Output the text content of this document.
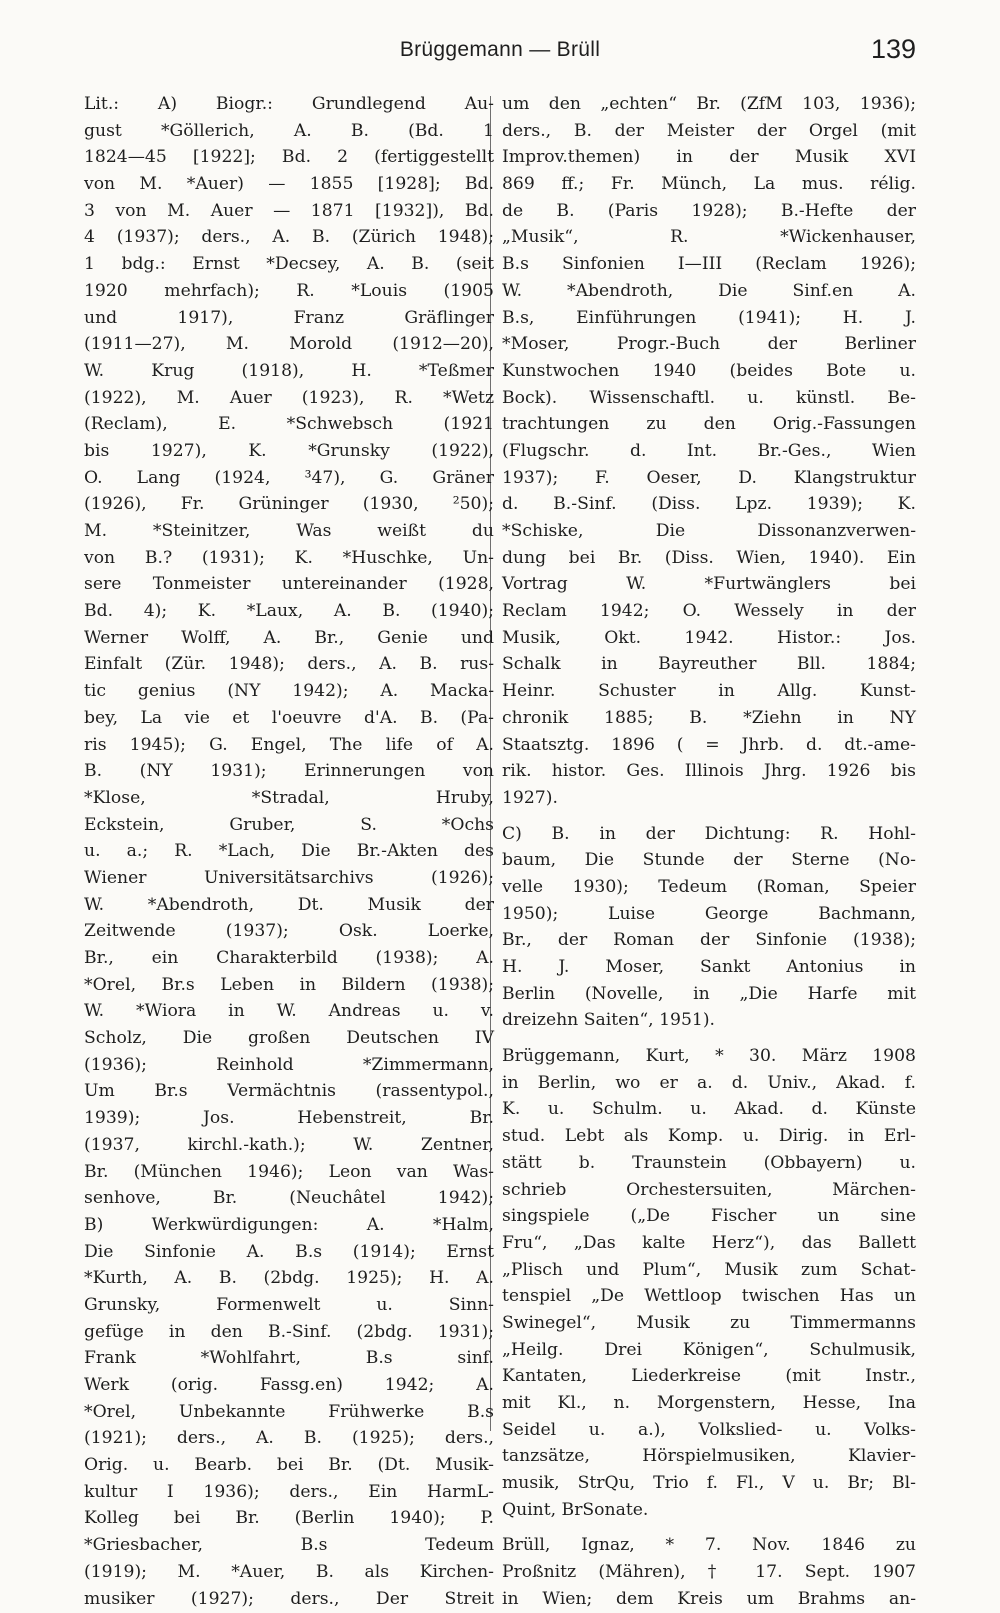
Brüggemann — Brüll	139
Lit.: A) Biogr.: Grundlegend Au-
gust *Göllerich, A. B. (Bd. 1
1824—45 [1922]; Bd. 2 (fertiggestellt
von M. *Auer) — 1855 [1928]; Bd.
3 von M. Auer — 1871 [1932]), Bd.
4 (1937); ders., A. B. (Zürich 1948);
1 bdg.: Ernst *Decsey, A. B. (seit
1920 mehrfach); R. *Louis (1905
und 1917), Franz Gräflinger
(1911—27), M. Morold (1912—20),
W. Krug (1918), H. *Teßmer
(1922), M. Auer (1923), R. *Wetz
(Reclam), E. *Schwebsch (1921
bis 1927), K. *Grunsky (1922),
O. Lang (1924, ³47), G. Gräner
(1926), Fr. Grüninger (1930, ²50);
M. *Steinitzer, Was weißt du
von B.? (1931); K. *Huschke, Un-
sere Tonmeister untereinander (1928,
Bd. 4); K. *Laux, A. B. (1940);
Werner Wolff, A. Br., Genie und
Einfalt (Zür. 1948); ders., A. B. rus-
tic genius (NY 1942); A. Macka-
bey, La vie et l'oeuvre d'A. B. (Pa-
ris 1945); G. Engel, The life of A.
B. (NY 1931); Erinnerungen von
*Klose, *Stradal, Hruby,
Eckstein, Gruber, S. *Ochs
u. a.; R. *Lach, Die Br.-Akten des
Wiener Universitätsarchivs (1926);
W. *Abendroth, Dt. Musik der
Zeitwende (1937); Osk. Loerke,
Br., ein Charakterbild (1938); A.
*Orel, Br.s Leben in Bildern (1938);
W. *Wiora in W. Andreas u. v.
Scholz, Die großen Deutschen IV
(1936); Reinhold *Zimmermann,
Um Br.s Vermächtnis (rassentypol.,
1939); Jos. Hebenstreit, Br.
(1937, kirchl.-kath.); W. Zentner,
Br. (München 1946); Leon van Was-
senhove, Br. (Neuchâtel 1942);
B) Werkwürdigungen: A. *Halm,
Die Sinfonie A. B.s (1914); Ernst
*Kurth, A. B. (2bdg. 1925); H. A.
Grunsky, Formenwelt u. Sinn-
gefüge in den B.-Sinf. (2bdg. 1931);
Frank *Wohlfahrt, B.s sinf.
Werk (orig. Fassg.en) 1942; A.
*Orel, Unbekannte Frühwerke B.s
(1921); ders., A. B. (1925); ders.,
Orig. u. Bearb. bei Br. (Dt. Musik-
kultur I 1936); ders., Ein HarmL-
Kolleg bei Br. (Berlin 1940); P.
*Griesbacher, B.s Tedeum
(1919); M. *Auer, B. als Kirchen-
musiker (1927); ders., Der Streit
um den „echten“ Br. (ZfM 103, 1936);
ders., B. der Meister der Orgel (mit
Improv.themen) in der Musik XVI
869 ff.; Fr. Münch, La mus. rélig.
de B. (Paris 1928); B.-Hefte der
„Musik“, R. *Wickenhauser,
B.s Sinfonien I—III (Reclam 1926);
W. *Abendroth, Die Sinf.en A.
B.s, Einführungen (1941); H. J.
*Moser, Progr.-Buch der Berliner
Kunstwochen 1940 (beides Bote u.
Bock). Wissenschaftl. u. künstl. Be-
trachtungen zu den Orig.-Fassungen
(Flugschr. d. Int. Br.-Ges., Wien
1937); F. Oeser, D. Klangstruktur
d. B.-Sinf. (Diss. Lpz. 1939); K.
*Schiske, Die Dissonanzverwen-
dung bei Br. (Diss. Wien, 1940). Ein
Vortrag W. *Furtwänglers bei
Reclam 1942; O. Wessely in der
Musik, Okt. 1942. Histor.: Jos.
Schalk in Bayreuther Bll. 1884;
Heinr. Schuster in Allg. Kunst-
chronik 1885; B. *Ziehn in NY
Staatsztg. 1896 ( = Jhrb. d. dt.-ame-
rik. histor. Ges. Illinois Jhrg. 1926 bis
1927).
C) B. in der Dichtung: R. Hohl-
baum, Die Stunde der Sterne (No-
velle 1930); Tedeum (Roman, Speier
1950); Luise George Bachmann,
Br., der Roman der Sinfonie (1938);
H. J. Moser, Sankt Antonius in
Berlin (Novelle, in „Die Harfe mit
dreizehn Saiten“, 1951).
Brüggemann, Kurt, * 30. März 1908
in Berlin, wo er a. d. Univ., Akad. f.
K. u. Schulm. u. Akad. d. Künste
stud. Lebt als Komp. u. Dirig. in Erl-
stätt b. Traunstein (Obbayern) u.
schrieb Orchestersuiten, Märchen-
singspiele („De Fischer un sine
Fru“, „Das kalte Herz“), das Ballett
„Plisch und Plum“, Musik zum Schat-
tenspiel „De Wettloop twischen Has un
Swinegel“, Musik zu Timmermanns
„Heilg. Drei Königen“, Schulmusik,
Kantaten, Liederkreise (mit Instr.,
mit Kl., n. Morgenstern, Hesse, Ina
Seidel u. a.), Volkslied- u. Volks-
tanzsätze, Hörspielmusiken, Klavier-
musik, StrQu, Trio f. Fl., V u. Br; Bl-
Quint, BrSonate.
Brüll, Ignaz, * 7. Nov. 1846 zu
Proßnitz (Mähren), † 17. Sept. 1907
in Wien; dem Kreis um Brahms an-
